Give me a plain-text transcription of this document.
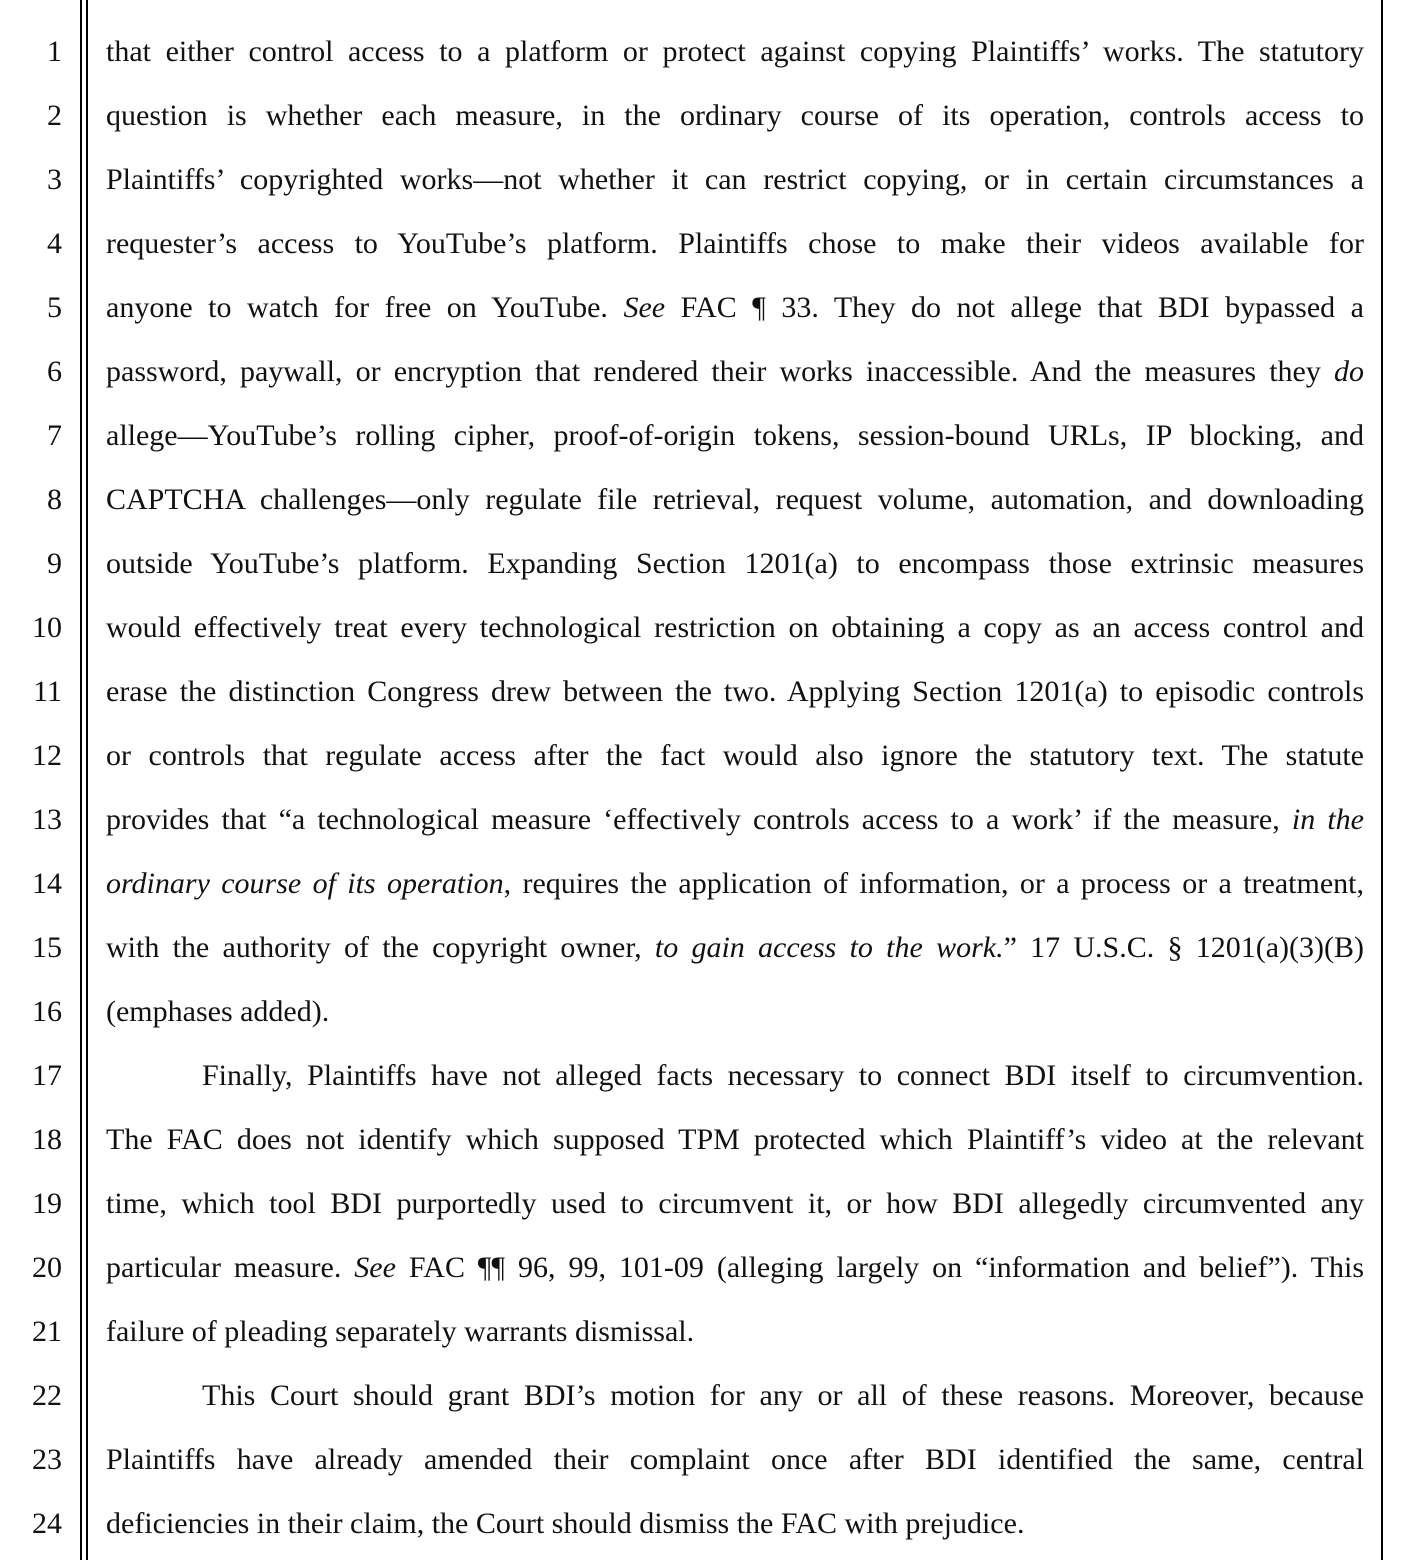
1
2
3
4
5
6
7
8
9
10
11
12
13
14
15
16
17
18
19
20
21
22
23
24
that either control access to a platform or protect against copying Plaintiffs’ works. The statutory
question is whether each measure, in the ordinary course of its operation, controls access to
Plaintiffs’ copyrighted works—not whether it can restrict copying, or in certain circumstances a
requester’s access to YouTube’s platform. Plaintiffs chose to make their videos available for
anyone to watch for free on YouTube. See FAC ¶ 33. They do not allege that BDI bypassed a
password, paywall, or encryption that rendered their works inaccessible. And the measures they do
allege—YouTube’s rolling cipher, proof-of-origin tokens, session-bound URLs, IP blocking, and
CAPTCHA challenges—only regulate file retrieval, request volume, automation, and downloading
outside YouTube’s platform. Expanding Section 1201(a) to encompass those extrinsic measures
would effectively treat every technological restriction on obtaining a copy as an access control and
erase the distinction Congress drew between the two. Applying Section 1201(a) to episodic controls
or controls that regulate access after the fact would also ignore the statutory text. The statute
provides that “a technological measure ‘effectively controls access to a work’ if the measure, in the
ordinary course of its operation, requires the application of information, or a process or a treatment,
with the authority of the copyright owner, to gain access to the work.” 17 U.S.C. § 1201(a)(3)(B)
(emphases added).
Finally, Plaintiffs have not alleged facts necessary to connect BDI itself to circumvention.
The FAC does not identify which supposed TPM protected which Plaintiff’s video at the relevant
time, which tool BDI purportedly used to circumvent it, or how BDI allegedly circumvented any
particular measure. See FAC ¶¶ 96, 99, 101-09 (alleging largely on “information and belief”). This
failure of pleading separately warrants dismissal.
This Court should grant BDI’s motion for any or all of these reasons. Moreover, because
Plaintiffs have already amended their complaint once after BDI identified the same, central
deficiencies in their claim, the Court should dismiss the FAC with prejudice.
